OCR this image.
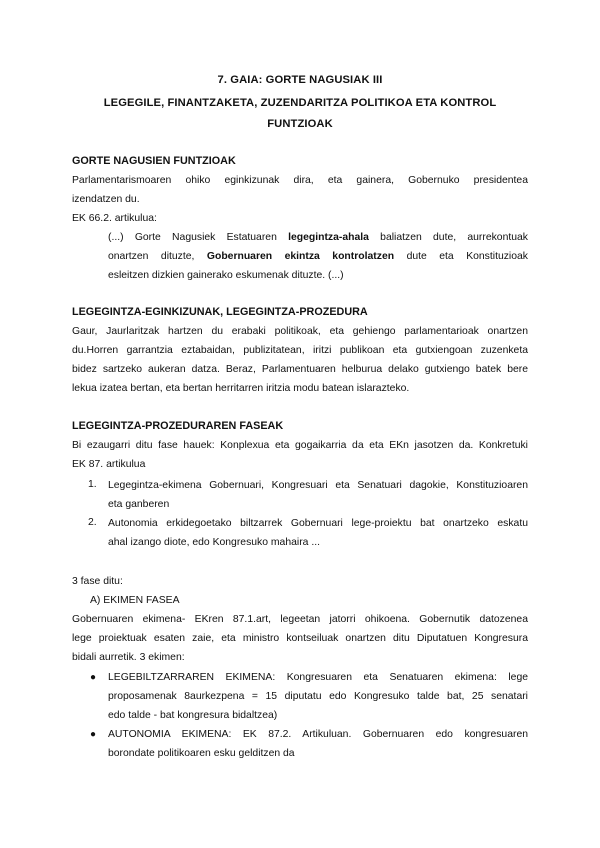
7. GAIA: GORTE NAGUSIAK III
LEGEGILE, FINANTZAKETA, ZUZENDARITZA POLITIKOA ETA KONTROL
FUNTZIOAK
GORTE NAGUSIEN FUNTZIOAK
Parlamentarismoaren ohiko eginkizunak dira, eta gainera, Gobernuko presidentea
izendatzen du.
EK 66.2. artikulua:
(...) Gorte Nagusiek Estatuaren legegintza-ahala baliatzen dute, aurrekontuak
onartzen dituzte, Gobernuaren ekintza kontrolatzen dute eta Konstituzioak
esleitzen dizkien gainerako eskumenak dituzte. (...)
LEGEGINTZA-EGINKIZUNAK, LEGEGINTZA-PROZEDURA
Gaur, Jaurlaritzak hartzen du erabaki politikoak, eta gehiengo parlamentarioak onartzen
du.Horren garrantzia eztabaidan, publizitatean, iritzi publikoan eta gutxiengoan zuzenketa
bidez sartzeko aukeran datza. Beraz, Parlamentuaren helburua delako gutxiengo batek bere
lekua izatea bertan, eta bertan herritarren iritzia modu batean islarazteko.
LEGEGINTZA-PROZEDURAREN FASEAK
Bi ezaugarri ditu fase hauek: Konplexua eta gogaikarria da eta EKn jasotzen da. Konkretuki
EK 87. artikulua
1. Legegintza-ekimena Gobernuari, Kongresuari eta Senatuari dagokie, Konstituzioaren
eta ganberen
2. Autonomia erkidegoetako biltzarrek Gobernuari lege-proiektu bat onartzeko eskatu
ahal izango diote, edo Kongresuko mahaira ...
3 fase ditu:
A) EKIMEN FASEA
Gobernuaren ekimena- EKren 87.1.art, legeetan jatorri ohikoena. Gobernutik datozenea
lege proiektuak esaten zaie, eta ministro kontseiluak onartzen ditu Diputatuen Kongresura
bidali aurretik. 3 ekimen:
● LEGEBILTZARRAREN EKIMENA: Kongresuaren eta Senatuaren ekimena: lege
proposamenak 8aurkezpena = 15 diputatu edo Kongresuko talde bat, 25 senatari
edo talde - bat kongresura bidaltzea)
● AUTONOMIA EKIMENA: EK 87.2. Artikuluan. Gobernuaren edo kongresuaren
borondate politikoaren esku gelditzen da
